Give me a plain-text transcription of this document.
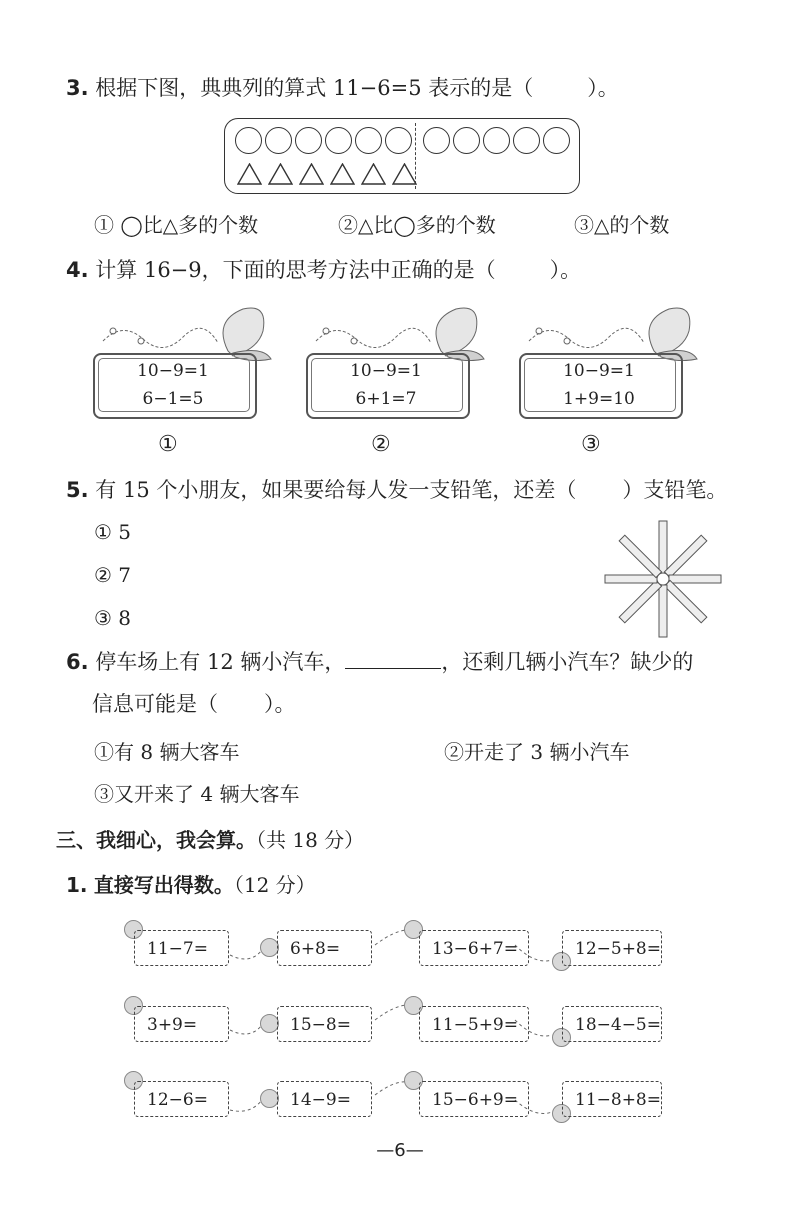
3. 根据下图，典典列的算式 11−6=5 表示的是（	）。
① ◯比△多的个数	②△比◯多的个数	③△的个数
4. 计算 16−9，下面的思考方法中正确的是（	）。
10−9=1
6−1=5
10−9=1
6+1=7
10−9=1
1+9=10
①	②	③
5. 有 15 个小朋友，如果要给每人发一支铅笔，还差（ ）支铅笔。
① 5
② 7
③ 8
6. 停车场上有 12 辆小汽车，	，还剩几辆小汽车？缺少的
信息可能是（ ）。
①有 8 辆大客车	②开走了 3 辆小汽车
③又开来了 4 辆大客车
三、我细心，我会算。（共 18 分）
1. 直接写出得数。（12 分）
11−7=	6+8=	13−6+7=	12−5+8=
3+9=	15−8=	11−5+9=	18−4−5=
12−6=	14−9=	15−6+9=	11−8+8=
—6—
